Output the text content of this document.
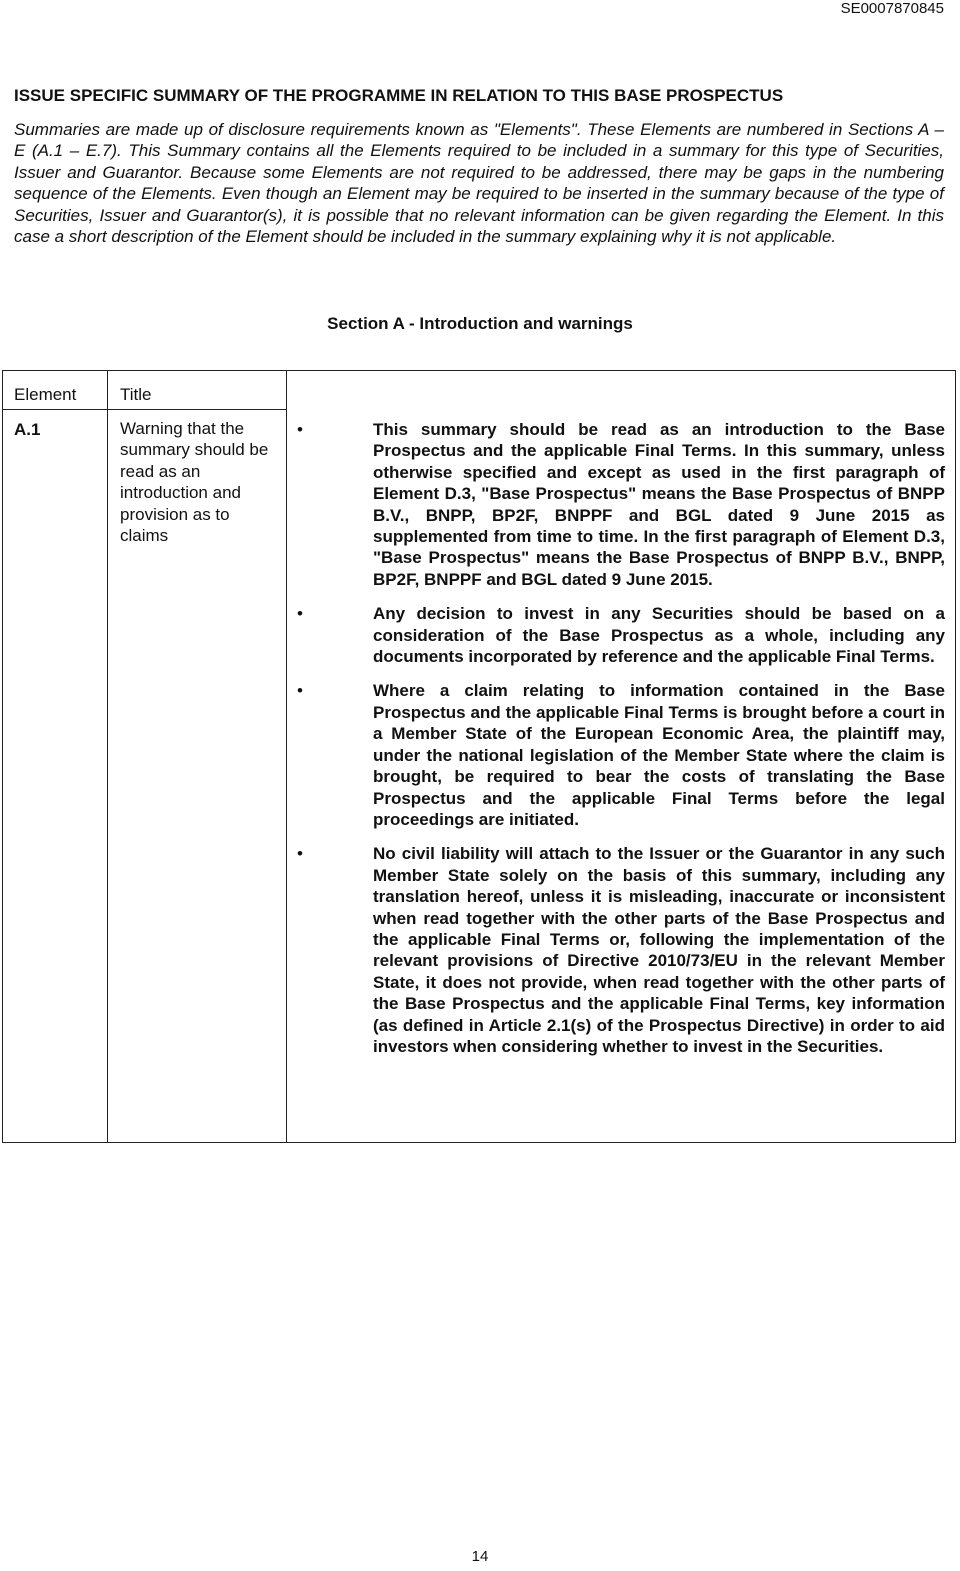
SE0007870845
ISSUE SPECIFIC SUMMARY OF THE PROGRAMME IN RELATION TO THIS BASE PROSPECTUS

Summaries are made up of disclosure requirements known as "Elements". These Elements are numbered in Sections A – E (A.1 – E.7). This Summary contains all the Elements required to be included in a summary for this type of Securities, Issuer and Guarantor. Because some Elements are not required to be addressed, there may be gaps in the numbering sequence of the Elements. Even though an Element may be required to be inserted in the summary because of the type of Securities, Issuer and Guarantor(s), it is possible that no relevant information can be given regarding the Element. In this case a short description of the Element should be included in the summary explaining why it is not applicable.

Section A - Introduction and warnings
Element	Title
A.1	Warning that the summary should be read as an introduction and provision as to claims
•	This summary should be read as an introduction to the Base Prospectus and the applicable Final Terms. In this summary, unless otherwise specified and except as used in the first paragraph of Element D.3, "Base Prospectus" means the Base Prospectus of BNPP B.V., BNPP, BP2F, BNPPF and BGL dated 9 June 2015 as supplemented from time to time. In the first paragraph of Element D.3, "Base Prospectus" means the Base Prospectus of BNPP B.V., BNPP, BP2F, BNPPF and BGL dated 9 June 2015.
•	Any decision to invest in any Securities should be based on a consideration of the Base Prospectus as a whole, including any documents incorporated by reference and the applicable Final Terms.
•	Where a claim relating to information contained in the Base Prospectus and the applicable Final Terms is brought before a court in a Member State of the European Economic Area, the plaintiff may, under the national legislation of the Member State where the claim is brought, be required to bear the costs of translating the Base Prospectus and the applicable Final Terms before the legal proceedings are initiated.
•	No civil liability will attach to the Issuer or the Guarantor in any such Member State solely on the basis of this summary, including any translation hereof, unless it is misleading, inaccurate or inconsistent when read together with the other parts of the Base Prospectus and the applicable Final Terms or, following the implementation of the relevant provisions of Directive 2010/73/EU in the relevant Member State, it does not provide, when read together with the other parts of the Base Prospectus and the applicable Final Terms, key information (as defined in Article 2.1(s) of the Prospectus Directive) in order to aid investors when considering whether to invest in the Securities.
14
